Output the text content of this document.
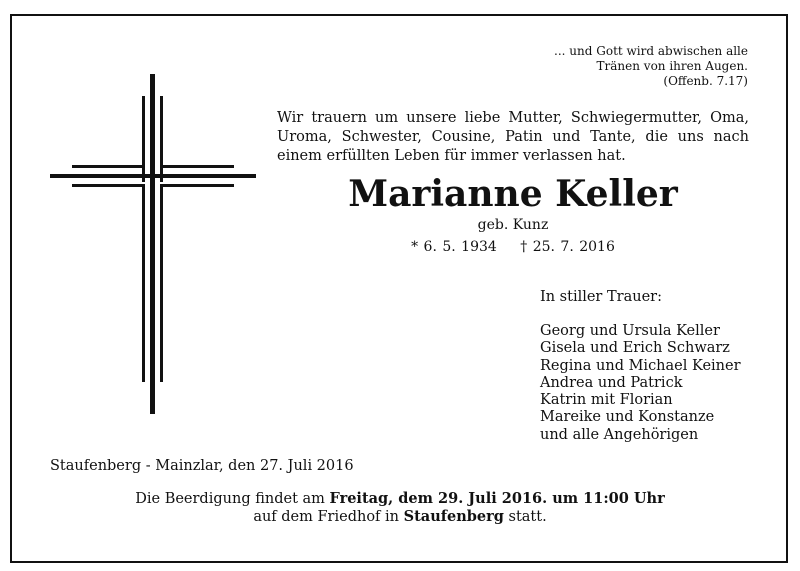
... und Gott wird abwischen alle
Tränen von ihren Augen.
(Offenb. 7.17)
Wir trauern um unsere liebe Mutter, Schwiegermutter, Oma, Uroma, Schwester, Cousine, Patin und Tante, die uns nach einem erfüllten Leben für immer verlassen hat.
Marianne Keller
geb. Kunz
* 6. 5. 1934 † 25. 7. 2016
In stiller Trauer:
Georg und Ursula Keller
Gisela und Erich Schwarz
Regina und Michael Keiner
Andrea und Patrick
Katrin mit Florian
Mareike und Konstanze
und alle Angehörigen
Staufenberg - Mainzlar, den 27. Juli 2016
Die Beerdigung findet am Freitag, dem 29. Juli 2016. um 11:00 Uhr
auf dem Friedhof in Staufenberg statt.
